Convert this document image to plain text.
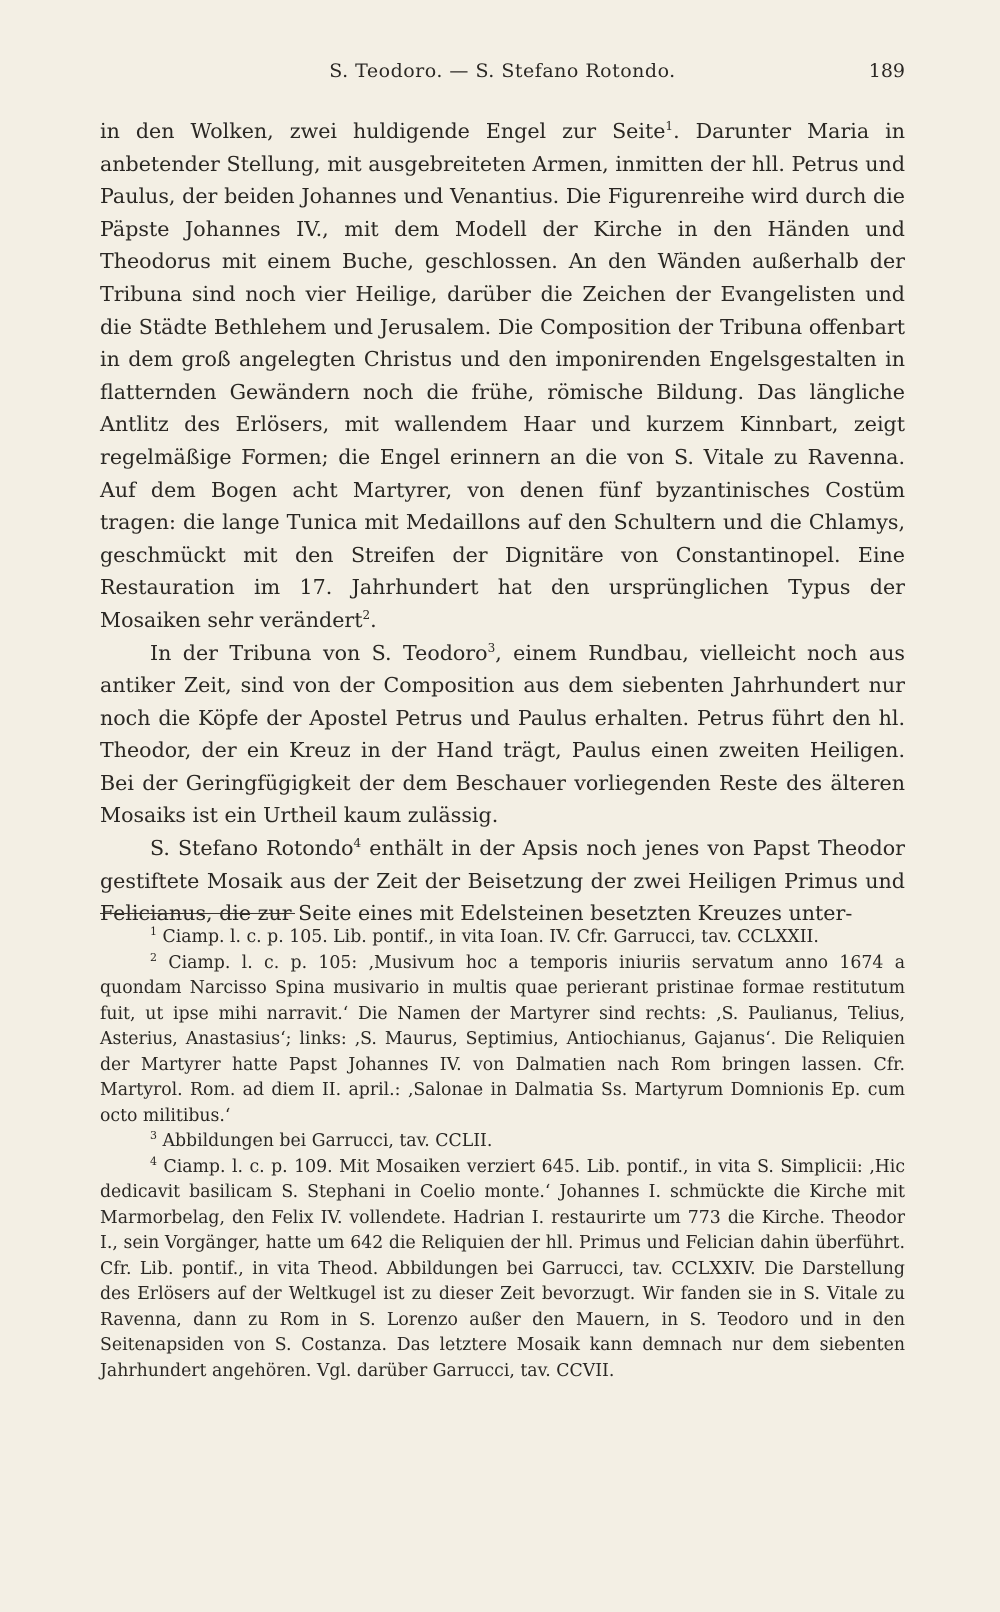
S. Teodoro. — S. Stefano Rotondo.	189

in den Wolken, zwei huldigende Engel zur Seite$^1$. Darunter Maria in anbetender Stellung, mit ausgebreiteten Armen, inmitten der hll. Petrus und Paulus, der beiden Johannes und Venantius. Die Figurenreihe wird durch die Päpste Johannes IV., mit dem Modell der Kirche in den Händen und Theodorus mit einem Buche, geschlossen. An den Wänden außerhalb der Tribuna sind noch vier Heilige, darüber die Zeichen der Evangelisten und die Städte Bethlehem und Jerusalem. Die Composition der Tribuna offenbart in dem groß angelegten Christus und den imponirenden Engelsgestalten in flatternden Gewändern noch die frühe, römische Bildung. Das längliche Antlitz des Erlösers, mit wallendem Haar und kurzem Kinnbart, zeigt regelmäßige Formen; die Engel erinnern an die von S. Vitale zu Ravenna. Auf dem Bogen acht Martyrer, von denen fünf byzantinisches Costüm tragen: die lange Tunica mit Medaillons auf den Schultern und die Chlamys, geschmückt mit den Streifen der Dignitäre von Constantinopel. Eine Restauration im 17. Jahrhundert hat den ursprünglichen Typus der Mosaiken sehr verändert$^2$.

In der Tribuna von S. Teodoro$^3$, einem Rundbau, vielleicht noch aus antiker Zeit, sind von der Composition aus dem siebenten Jahrhundert nur noch die Köpfe der Apostel Petrus und Paulus erhalten. Petrus führt den hl. Theodor, der ein Kreuz in der Hand trägt, Paulus einen zweiten Heiligen. Bei der Geringfügigkeit der dem Beschauer vorliegenden Reste des älteren Mosaiks ist ein Urtheil kaum zulässig.

S. Stefano Rotondo$^4$ enthält in der Apsis noch jenes von Papst Theodor gestiftete Mosaik aus der Zeit der Beisetzung der zwei Heiligen Primus und Felicianus, die zur Seite eines mit Edelsteinen besetzten Kreuzes unter-

$^1$ Ciamp. l. c. p. 105. Lib. pontif., in vita Ioan. IV. Cfr. Garrucci, tav. CCLXXII.

$^2$ Ciamp. l. c. p. 105: ‚Musivum hoc a temporis iniuriis servatum anno 1674 a quondam Narcisso Spina musivario in multis quae perierant pristinae formae restitutum fuit, ut ipse mihi narravit.‘ Die Namen der Martyrer sind rechts: ‚S. Paulianus, Telius, Asterius, Anastasius‘; links: ‚S. Maurus, Septimius, Antiochianus, Gajanus‘. Die Reliquien der Martyrer hatte Papst Johannes IV. von Dalmatien nach Rom bringen lassen. Cfr. Martyrol. Rom. ad diem II. april.: ‚Salonae in Dalmatia Ss. Martyrum Domnionis Ep. cum octo militibus.‘

$^3$ Abbildungen bei Garrucci, tav. CCLII.

$^4$ Ciamp. l. c. p. 109. Mit Mosaiken verziert 645. Lib. pontif., in vita S. Simplicii: ‚Hic dedicavit basilicam S. Stephani in Coelio monte.‘ Johannes I. schmückte die Kirche mit Marmorbelag, den Felix IV. vollendete. Hadrian I. restaurirte um 773 die Kirche. Theodor I., sein Vorgänger, hatte um 642 die Reliquien der hll. Primus und Felician dahin überführt. Cfr. Lib. pontif., in vita Theod. Abbildungen bei Garrucci, tav. CCLXXIV. Die Darstellung des Erlösers auf der Weltkugel ist zu dieser Zeit bevorzugt. Wir fanden sie in S. Vitale zu Ravenna, dann zu Rom in S. Lorenzo außer den Mauern, in S. Teodoro und in den Seitenapsiden von S. Costanza. Das letztere Mosaik kann demnach nur dem siebenten Jahrhundert angehören. Vgl. darüber Garrucci, tav. CCVII.
